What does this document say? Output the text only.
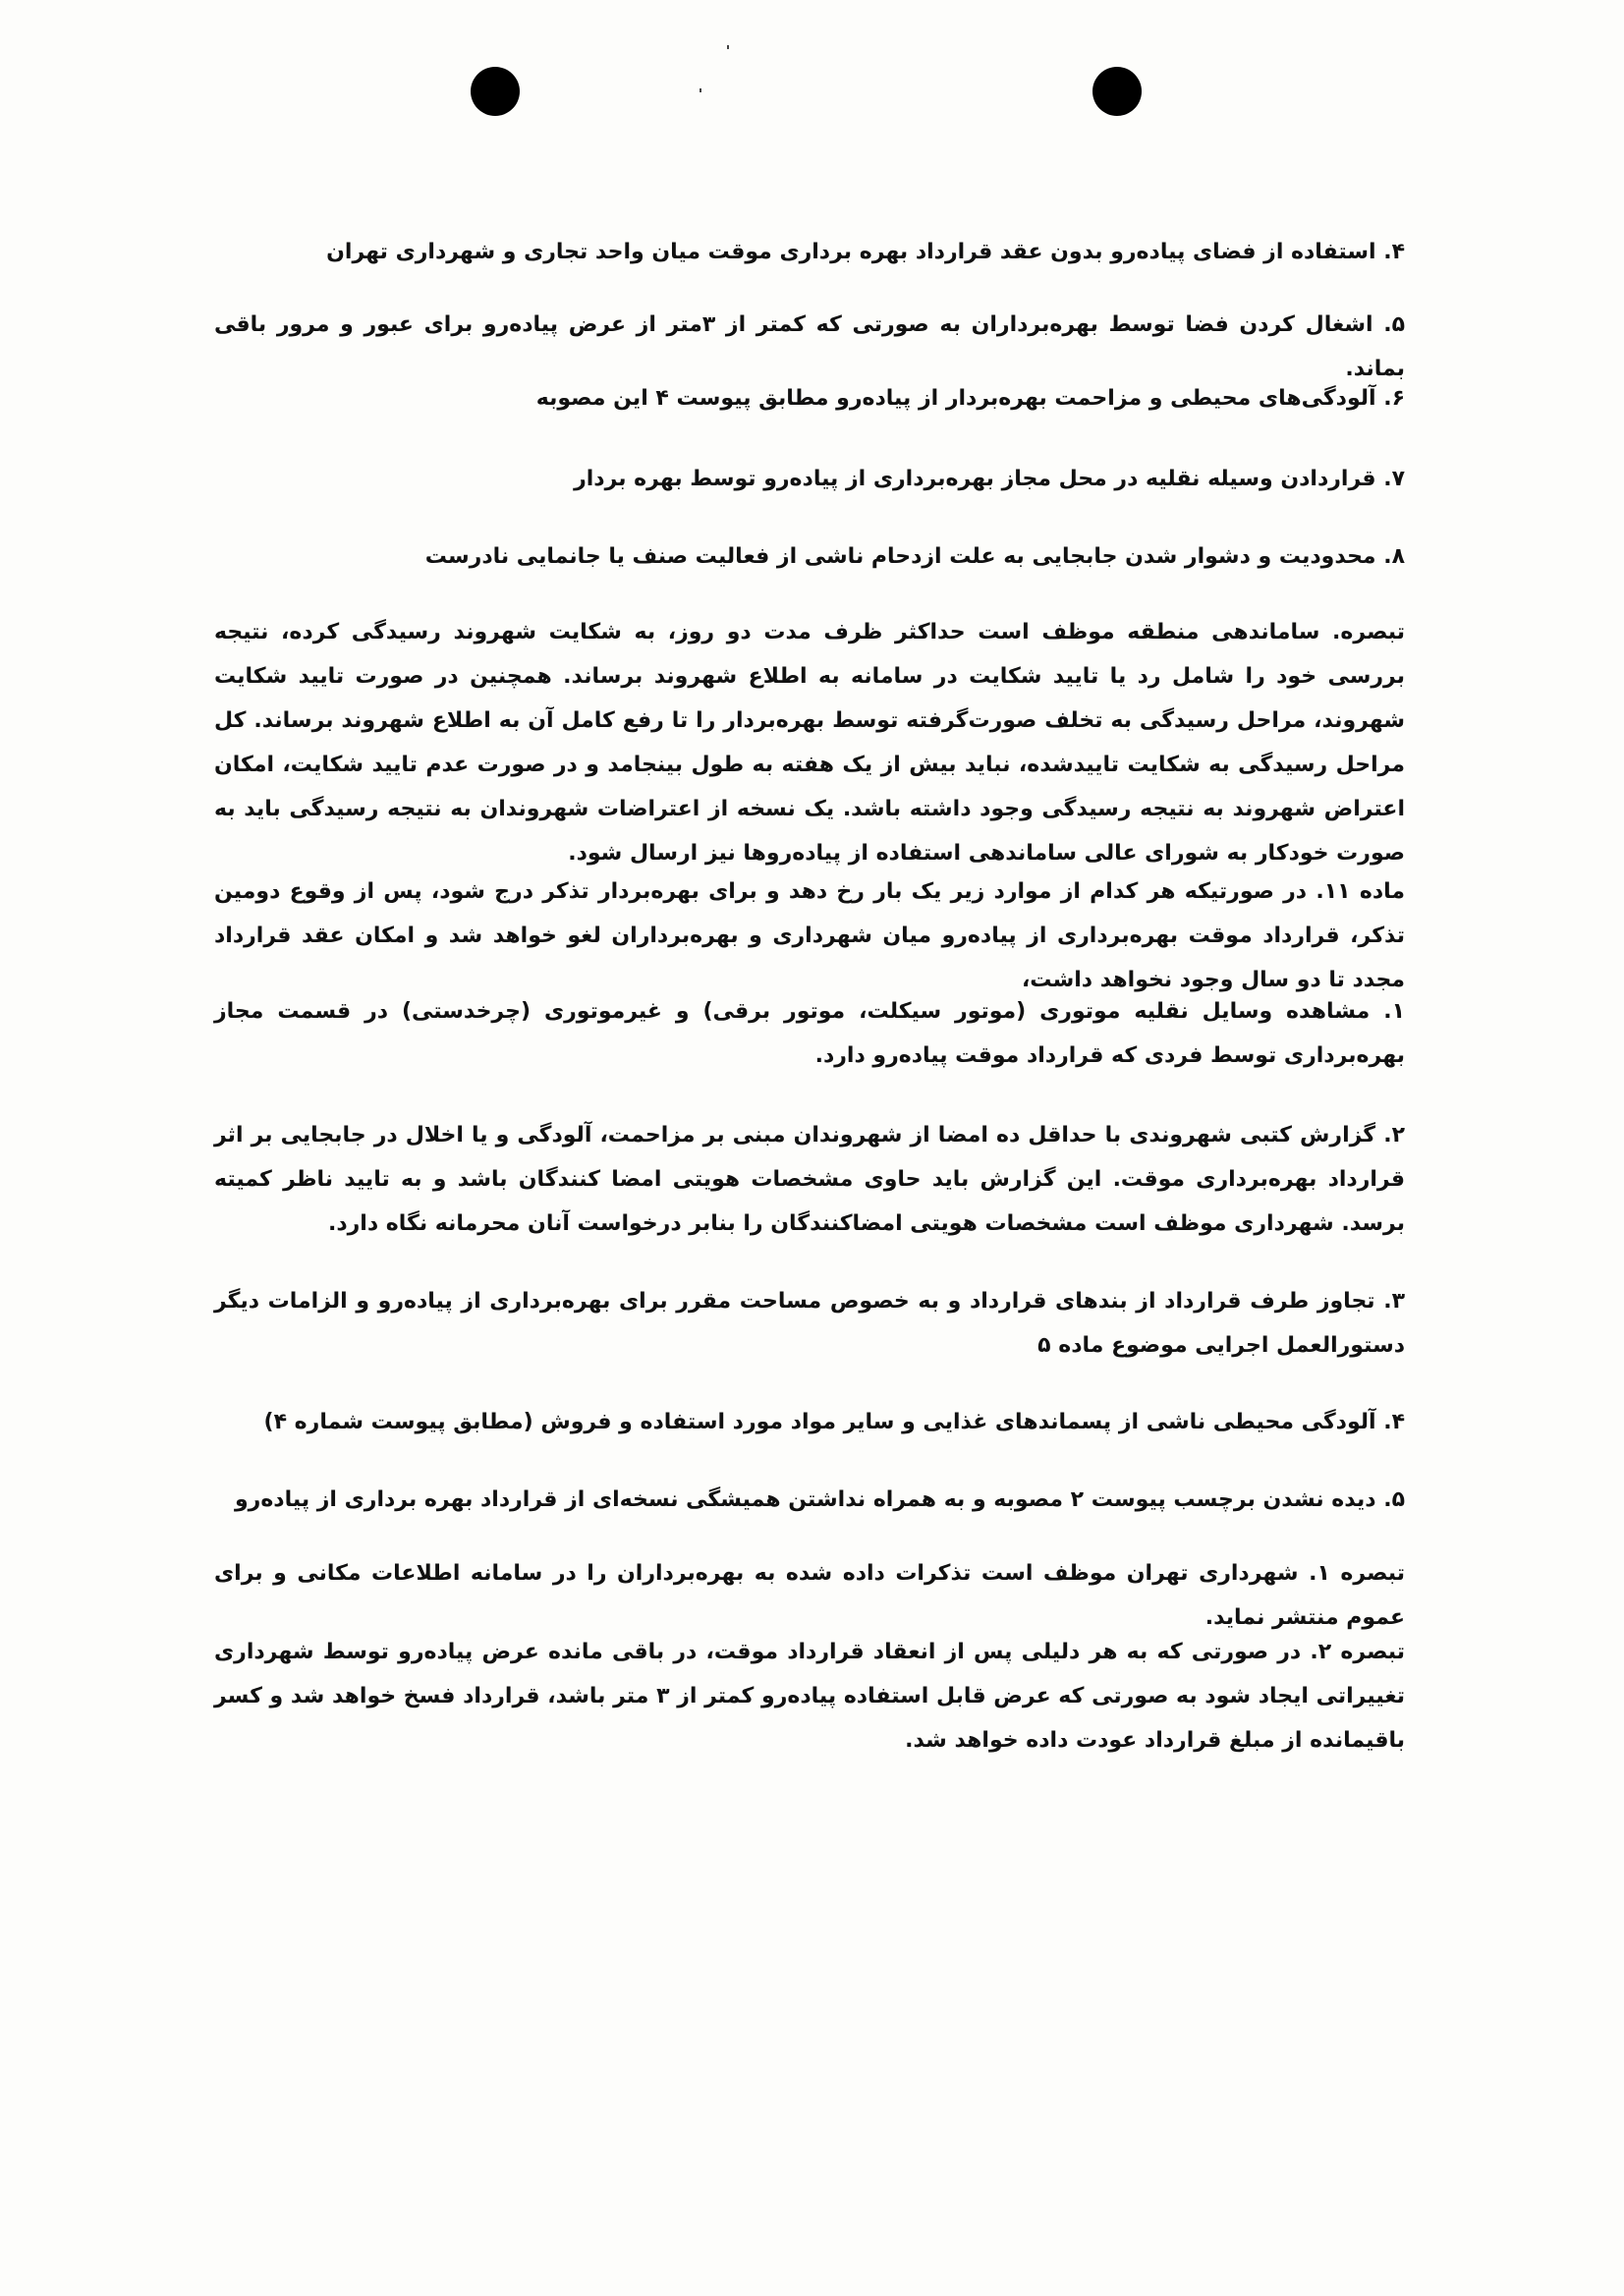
۴. استفاده از فضای پیاده‌رو بدون عقد قرارداد بهره برداری موقت میان واحد تجاری و شهرداری تهران
۵. اشغال کردن فضا توسط بهره‌برداران به صورتی که کمتر از ۳متر از عرض پیاده‌رو برای عبور و مرور باقی بماند.
۶. آلودگی‌های محیطی و مزاحمت بهره‌بردار از پیاده‌رو مطابق پیوست ۴ این مصوبه
۷. قراردادن وسیله نقلیه در محل مجاز بهره‌برداری از پیاده‌رو توسط بهره بردار
۸. محدودیت و دشوار شدن جابجایی به علت ازدحام ناشی از فعالیت صنف یا جانمایی نادرست
تبصره. ساماندهی منطقه موظف است حداکثر ظرف مدت دو روز، به شکایت شهروند رسیدگی کرده، نتیجه بررسی خود را شامل رد یا تایید شکایت در سامانه به اطلاع شهروند برساند. همچنین در صورت تایید شکایت شهروند، مراحل رسیدگی به تخلف صورت‌گرفته توسط بهره‌بردار را تا رفع کامل آن به اطلاع شهروند برساند. کل مراحل رسیدگی به شکایت تاییدشده، نباید بیش از یک هفته به طول بینجامد و در صورت عدم تایید شکایت، امکان اعتراض شهروند به نتیجه رسیدگی وجود داشته باشد. یک نسخه از اعتراضات شهروندان به نتیجه رسیدگی باید به صورت خودکار به شورای عالی ساماندهی استفاده از پیاده‌روها نیز ارسال شود.
ماده ۱۱. در صورتیکه هر کدام از موارد زیر یک بار رخ دهد و برای بهره‌بردار تذکر درج شود، پس از وقوع دومین تذکر، قرارداد موقت بهره‌برداری از پیاده‌رو میان شهرداری و بهره‌برداران لغو خواهد شد و امکان عقد قرارداد مجدد تا دو سال وجود نخواهد داشت،
۱. مشاهده وسایل نقلیه موتوری (موتور سیکلت، موتور برقی) و غیرموتوری (چرخدستی) در قسمت مجاز بهره‌برداری توسط فردی که قرارداد موقت پیاده‌رو دارد.
۲. گزارش کتبی شهروندی با حداقل ده امضا از شهروندان مبنی بر مزاحمت، آلودگی و یا اخلال در جابجایی بر اثر قرارداد بهره‌برداری موقت. این گزارش باید حاوی مشخصات هویتی امضا کنندگان باشد و به تایید ناظر کمیته برسد. شهرداری موظف است مشخصات هویتی امضاکنندگان را بنابر درخواست آنان محرمانه نگاه دارد.
۳. تجاوز طرف قرارداد از بندهای قرارداد و به خصوص مساحت مقرر برای بهره‌برداری از پیاده‌رو و الزامات دیگر دستورالعمل اجرایی موضوع ماده ۵
۴. آلودگی محیطی ناشی از پسماندهای غذایی و سایر مواد مورد استفاده و فروش (مطابق پیوست شماره ۴)
۵. دیده نشدن برچسب پیوست ۲ مصوبه و به همراه نداشتن همیشگی نسخه‌ای از قرارداد بهره برداری از پیاده‌رو
تبصره ۱. شهرداری تهران موظف است تذکرات داده شده به بهره‌برداران را در سامانه اطلاعات مکانی و برای عموم منتشر نماید.
تبصره ۲. در صورتی که به هر دلیلی پس از انعقاد قرارداد موقت، در باقی مانده عرض پیاده‌رو توسط شهرداری تغییراتی ایجاد شود به صورتی که عرض قابل استفاده پیاده‌رو کمتر از ۳ متر باشد، قرارداد فسخ خواهد شد و کسر باقیمانده از مبلغ قرارداد عودت داده خواهد شد.
